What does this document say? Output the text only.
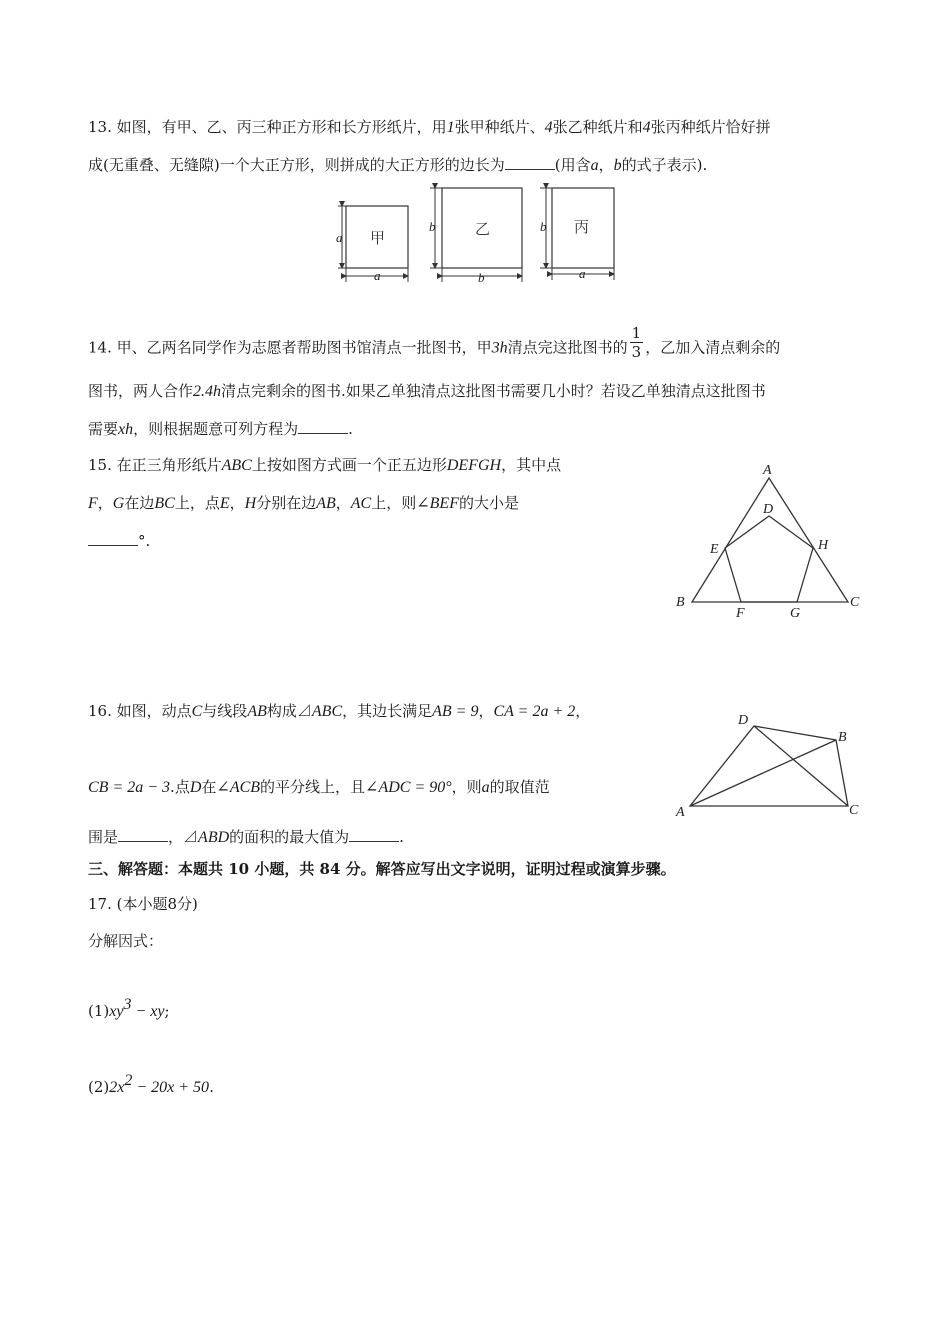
13. 如图，有甲、乙、丙三种正方形和长方形纸片，用1张甲种纸片、4张乙种纸片和4张丙种纸片恰好拼
成(无重叠、无缝隙)一个大正方形，则拼成的大正方形的边长为	(用含a，b的式子表示).
a
a
甲
b
b
乙	b
a
丙
14. 甲、乙两名同学作为志愿者帮助图书馆清点一批图书，甲3h清点完这批图书的 $\frac{1}{3}$ ，乙加入清点剩余的
图书，两人合作2.4h清点完剩余的图书.如果乙单独清点这批图书需要几小时？若设乙单独清点这批图书
需要xh，则根据题意可列方程为	.
15. 在正三角形纸片ABC上按如图方式画一个正五边形DEFGH，其中点
F，G在边BC上，点E，H分别在边AB，AC上，则∠BEF的大小是
°.
A
B	C
D
E
F	G
H
16. 如图，动点C与线段AB构成⊿ABC，其边长满足AB = 9，CA = 2a + 2，
CB = 2a − 3.点D在∠ACB的平分线上，且∠ADC = 90°，则a的取值范
围是	，⊿ABD的面积的最大值为	.
D
B
C
A
三、解答题：本题共 10 小题，共 84 分。解答应写出文字说明，证明过程或演算步骤。
17. (本小题8分)
分解因式：
$(1)xy^3$ − xy;
$(2)2x^2 - 20x + 50$.
